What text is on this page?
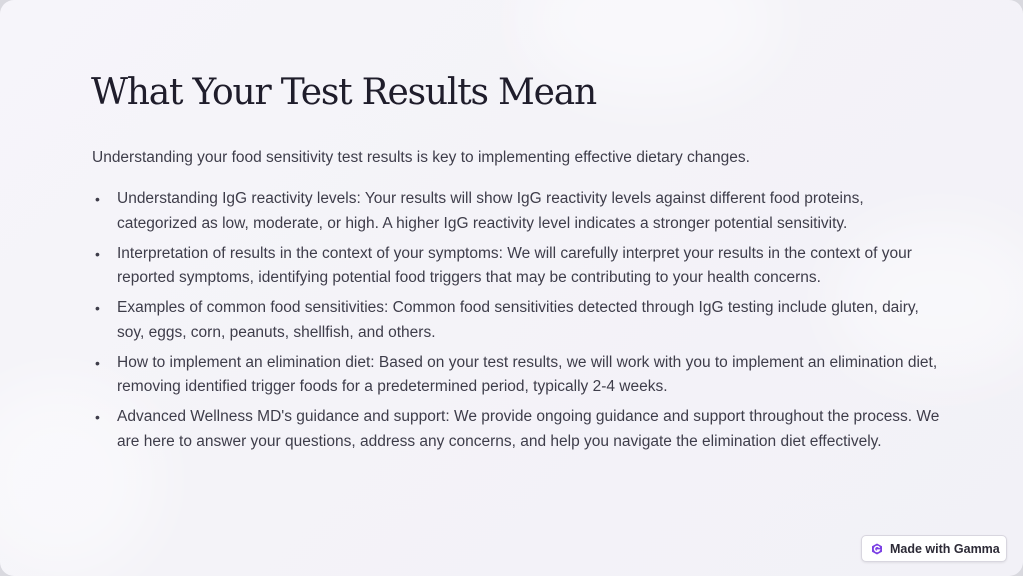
What Your Test Results Mean

Understanding your food sensitivity test results is key to implementing effective dietary changes.

• Understanding IgG reactivity levels: Your results will show IgG reactivity levels against different food proteins, categorized as low, moderate, or high. A higher IgG reactivity level indicates a stronger potential sensitivity.
• Interpretation of results in the context of your symptoms: We will carefully interpret your results in the context of your reported symptoms, identifying potential food triggers that may be contributing to your health concerns.
• Examples of common food sensitivities: Common food sensitivities detected through IgG testing include gluten, dairy, soy, eggs, corn, peanuts, shellfish, and others.
• How to implement an elimination diet: Based on your test results, we will work with you to implement an elimination diet, removing identified trigger foods for a predetermined period, typically 2-4 weeks.
• Advanced Wellness MD's guidance and support: We provide ongoing guidance and support throughout the process. We are here to answer your questions, address any concerns, and help you navigate the elimination diet effectively.
Made with Gamma
